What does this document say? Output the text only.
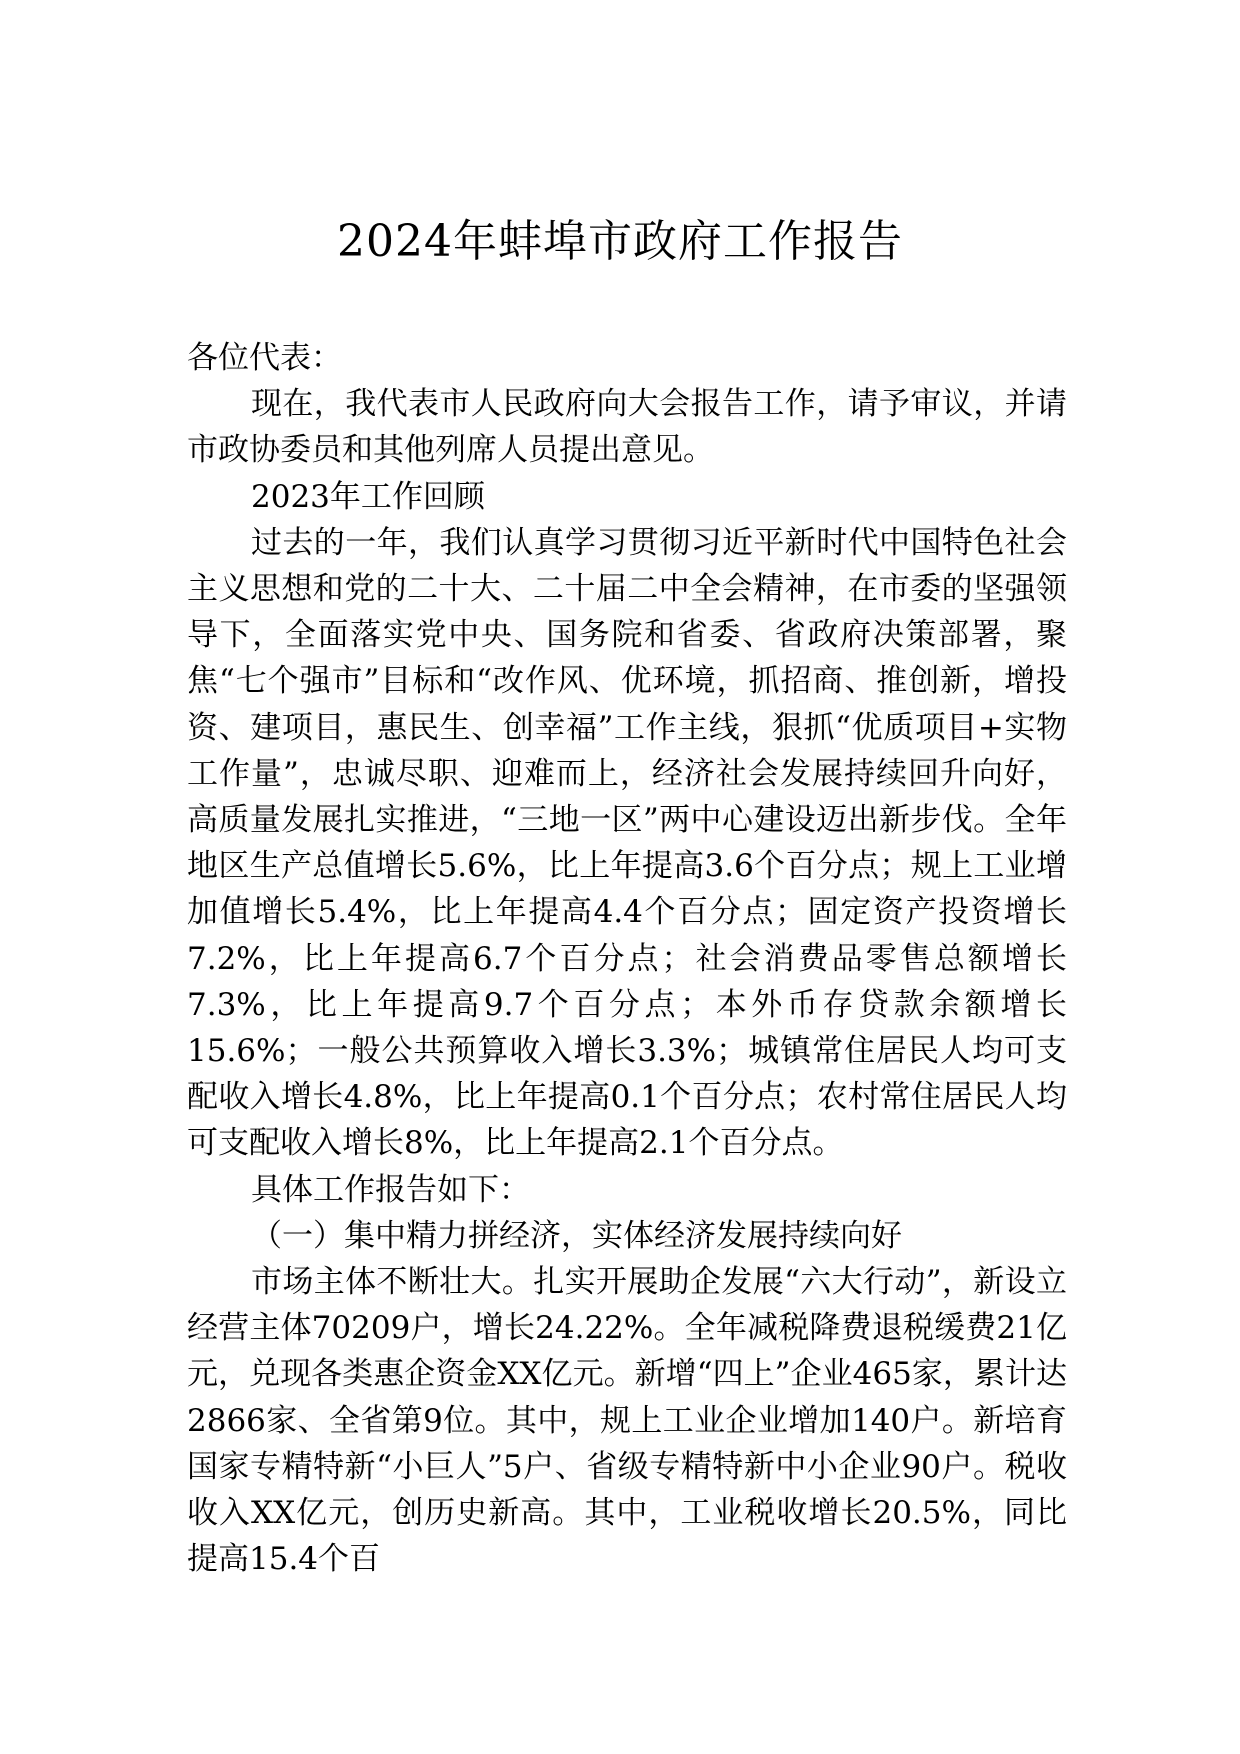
2024年蚌埠市政府工作报告

各位代表：

现在，我代表市人民政府向大会报告工作，请予审议，并请市政协委员和其他列席人员提出意见。

2023年工作回顾

过去的一年，我们认真学习贯彻习近平新时代中国特色社会主义思想和党的二十大、二十届二中全会精神，在市委的坚强领导下，全面落实党中央、国务院和省委、省政府决策部署，聚焦“七个强市”目标和“改作风、优环境，抓招商、推创新，增投资、建项目，惠民生、创幸福”工作主线，狠抓“优质项目+实物工作量”，忠诚尽职、迎难而上，经济社会发展持续回升向好，高质量发展扎实推进，“三地一区”两中心建设迈出新步伐。全年地区生产总值增长5.6%，比上年提高3.6个百分点；规上工业增加值增长5.4%，比上年提高4.4个百分点；固定资产投资增长7.2%，比上年提高6.7个百分点；社会消费品零售总额增长7.3%，比上年提高9.7个百分点；本外币存贷款余额增长15.6%；一般公共预算收入增长3.3%；城镇常住居民人均可支配收入增长4.8%，比上年提高0.1个百分点；农村常住居民人均可支配收入增长8%，比上年提高2.1个百分点。

具体工作报告如下：

（一）集中精力拼经济，实体经济发展持续向好

市场主体不断壮大。扎实开展助企发展“六大行动”，新设立经营主体70209户，增长24.22%。全年减税降费退税缓费21亿元，兑现各类惠企资金XX亿元。新增“四上”企业465家，累计达2866家、全省第9位。其中，规上工业企业增加140户。新培育国家专精特新“小巨人”5户、省级专精特新中小企业90户。税收收入XX亿元，创历史新高。其中，工业税收增长20.5%，同比提高15.4个百
